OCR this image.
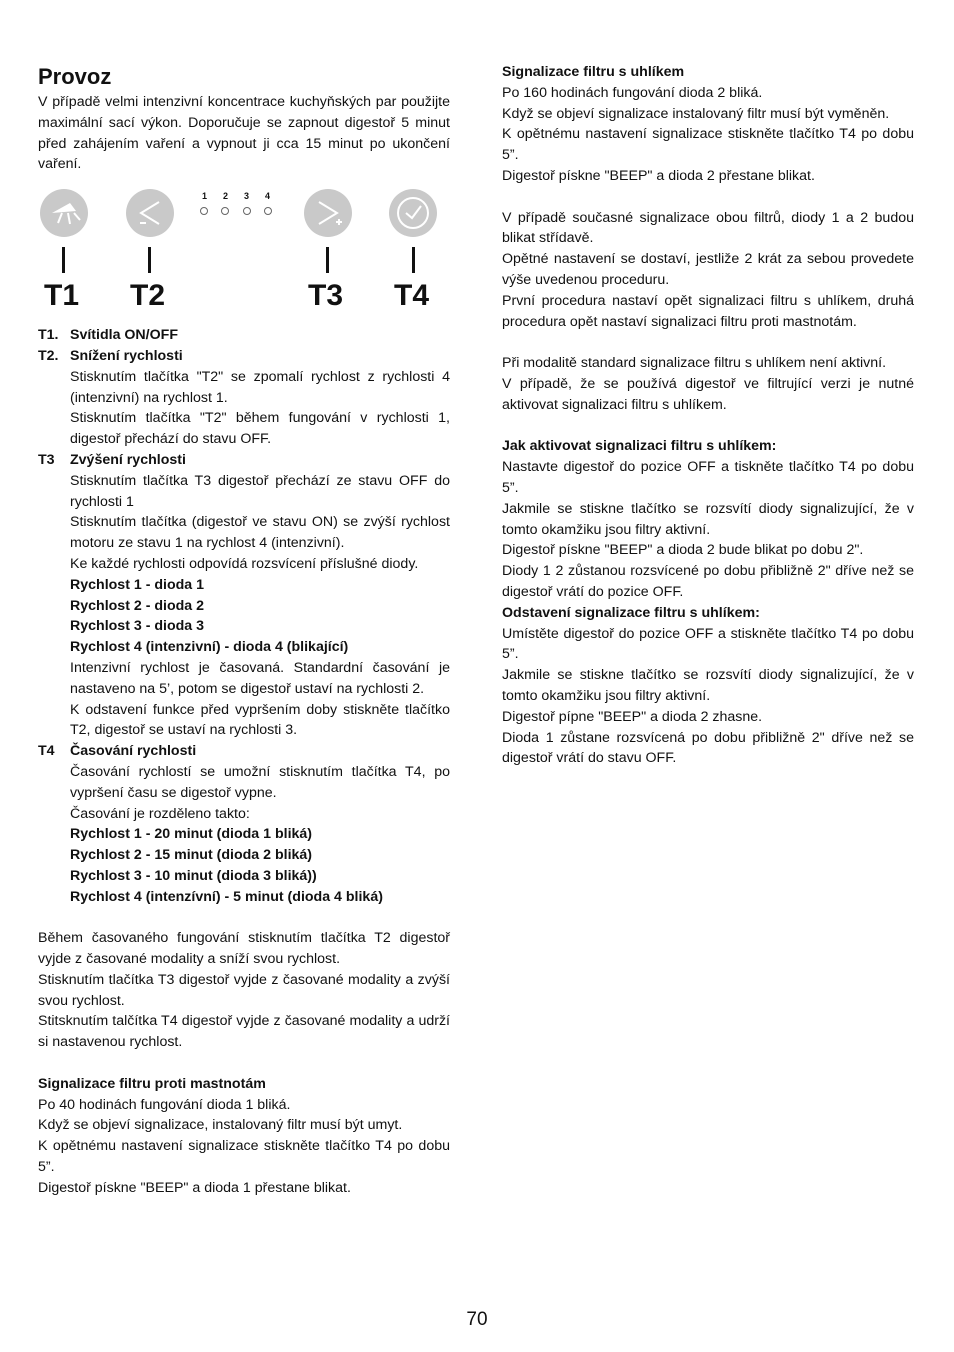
Provoz

V případě velmi intenzivní koncentrace kuchyňských par použijte maximální sací výkon. Doporučuje se zapnout digestoř 5 minut před zahájením vaření a vypnout ji cca 15 minut po ukončení vaření.

1 2 3 4
T1 T2	T3 T4
T1. Svítidla ON/OFF
T2. Snížení rychlosti

Stisknutím tlačítka "T2" se zpomalí rychlost z rychlosti 4 (intenzivní) na rychlost 1.

Stisknutím tlačítka "T2" během fungování v rychlosti 1, digestoř přechází do stavu OFF.

T3	Zvýšení rychlosti

Stisknutím tlačítka T3 digestoř přechází ze stavu OFF do rychlosti 1

Stisknutím tlačítka (digestoř ve stavu ON) se zvýší rychlost motoru ze stavu 1 na rychlost 4 (intenzivní).

Ke každé rychlosti odpovídá rozsvícení příslušné diody.

Rychlost 1 - dioda 1

Rychlost 2 - dioda 2

Rychlost 3 - dioda 3

Rychlost 4 (intenzivní) - dioda 4 (blikající)

Intenzivní rychlost je časovaná. Standardní časování je nastaveno na 5’, potom se digestoř ustaví na rychlosti 2.

K odstavení funkce před vypršením doby stiskněte tlačítko T2, digestoř se ustaví na rychlosti 3.

T4	Časování rychlosti

Časování rychlostí se umožní stisknutím tlačítka T4, po vypršení času se digestoř vypne.

Časování je rozděleno takto:

Rychlost 1 - 20 minut (dioda 1 bliká)

Rychlost 2 - 15 minut (dioda 2 bliká)

Rychlost 3 - 10 minut (dioda 3 bliká))

Rychlost 4 (intenzívní) - 5 minut (dioda 4 bliká)

Během časovaného fungování stisknutím tlačítka T2 digestoř vyjde z časované modality a sníží svou rychlost.

Stisknutím tlačítka T3 digestoř vyjde z časované modality a zvýší svou rychlost.

Stitsknutím talčítka T4 digestoř vyjde z časované modality a udrží si nastavenou rychlost.

Signalizace filtru proti mastnotám

Po 40 hodinách fungování dioda 1 bliká.

Když se objeví signalizace, instalovaný filtr musí být umyt.

K opětnému nastavení signalizace stiskněte tlačítko T4 po dobu 5”.

Digestoř pískne "BEEP" a dioda 1 přestane blikat.

Signalizace filtru s uhlíkem

Po 160 hodinách fungování dioda 2 bliká.

Když se objeví signalizace instalovaný filtr musí být vyměněn.

K opětnému nastavení signalizace stiskněte tlačítko T4 po dobu 5”.

Digestoř pískne "BEEP" a dioda 2 přestane blikat.

V případě současné signalizace obou filtrů, diody 1 a 2 budou blikat střídavě.

Opětné nastavení se dostaví, jestliže 2 krát za sebou provedete výše uvedenou proceduru.

První procedura nastaví opět signalizaci filtru s uhlíkem, druhá procedura opět nastaví signalizaci filtru proti mastnotám.

Při modalitě standard signalizace filtru s uhlíkem není aktivní.

V případě, že se používá digestoř ve filtrující verzi je nutné aktivovat signalizaci filtru s uhlíkem.

Jak aktivovat signalizaci filtru s uhlíkem:

Nastavte digestoř do pozice OFF a tiskněte tlačítko T4 po dobu 5”.

Jakmile se stiskne tlačítko se rozsvítí diody signalizující, že v tomto okamžiku jsou filtry aktivní.

Digestoř pískne "BEEP" a dioda 2 bude blikat po dobu 2".

Diody 1 2 zůstanou rozsvícené po dobu přibližně 2" dříve než se digestoř vrátí do pozice OFF.

Odstavení signalizace filtru s uhlíkem:

Umístěte digestoř do pozice OFF a stiskněte tlačítko T4 po dobu 5”.

Jakmile se stiskne tlačítko se rozsvítí diody signalizující, že v tomto okamžiku jsou filtry aktivní.

Digestoř pípne "BEEP" a dioda 2 zhasne.

Dioda 1 zůstane rozsvícená po dobu přibližně 2" dříve než se digestoř vrátí do stavu OFF.

70
